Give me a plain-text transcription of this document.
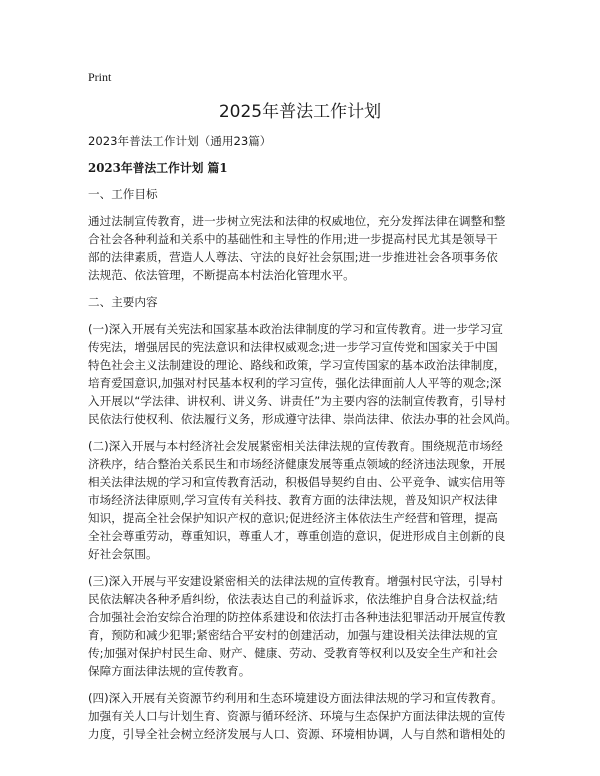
Print
2025年普法工作计划

2023年普法工作计划（通用23篇）

2023年普法工作计划 篇1

一、工作目标

通过法制宣传教育，进一步树立宪法和法律的权威地位，充分发挥法律在调整和整

合社会各种利益和关系中的基础性和主导性的作用;进一步提高村民尤其是领导干

部的法律素质，营造人人尊法、守法的良好社会氛围;进一步推进社会各项事务依

法规范、依法管理，不断提高本村法治化管理水平。

二、主要内容

(一)深入开展有关宪法和国家基本政治法律制度的学习和宣传教育。进一步学习宣

传宪法，增强居民的宪法意识和法律权威观念;进一步学习宣传党和国家关于中国

特色社会主义法制建设的理论、路线和政策，学习宣传国家的基本政治法律制度，

培育爱国意识,加强对村民基本权利的学习宣传，强化法律面前人人平等的观念;深

入开展以“学法律、讲权利、讲义务、讲责任”为主要内容的法制宣传教育，引导村

民依法行使权利、依法履行义务，形成遵守法律、崇尚法律、依法办事的社会风尚。

(二)深入开展与本村经济社会发展紧密相关法律法规的宣传教育。围绕规范市场经

济秩序，结合整治关系民生和市场经济健康发展等重点领域的经济违法现象，开展

相关法律法规的学习和宣传教育活动，积极倡导契约自由、公平竞争、诚实信用等

市场经济法律原则,学习宣传有关科技、教育方面的法律法规，普及知识产权法律

知识，提高全社会保护知识产权的意识;促进经济主体依法生产经营和管理，提高

全社会尊重劳动，尊重知识，尊重人才，尊重创造的意识，促进形成自主创新的良

好社会氛围。

(三)深入开展与平安建设紧密相关的法律法规的宣传教育。增强村民守法，引导村

民依法解决各种矛盾纠纷，依法表达自己的利益诉求，依法维护自身合法权益;结

合加强社会治安综合治理的防控体系建设和依法打击各种违法犯罪活动开展宣传教

育，预防和减少犯罪;紧密结合平安村的创建活动，加强与建设相关法律法规的宣

传;加强对保护村民生命、财产、健康、劳动、受教育等权利以及安全生产和社会

保障方面法律法规的宣传教育。

(四)深入开展有关资源节约利用和生态环境建设方面法律法规的学习和宣传教育。

加强有关人口与计划生育、资源与循环经济、环境与生态保护方面法律法规的宣传

力度，引导全社会树立经济发展与人口、资源、环境相协调，人与自然和谐相处的
